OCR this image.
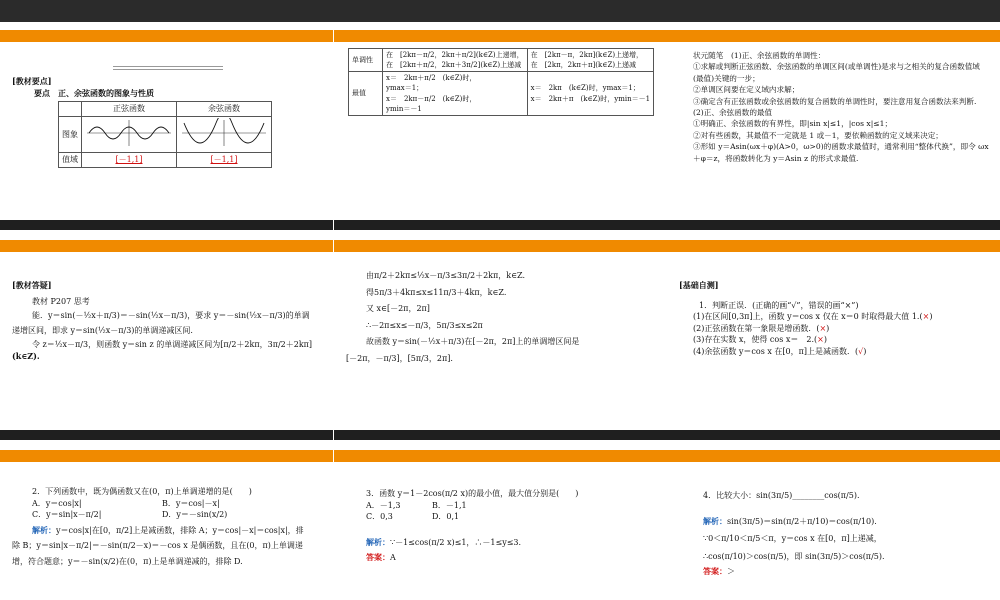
[教材要点]
要点　正、余弦函数的图象与性质
	正弦函数	余弦函数
图象		
值域	[－1,1]	[－1,1]
单调性	在　[2kπ－π/2，2kπ＋π/2](k∈Z)上递增，
在　[2kπ＋π/2，2kπ＋3π/2](k∈Z)上递减	在　[2kπ－π，2kπ](k∈Z)上递增，
在　[2kπ，2kπ＋π](k∈Z)上递减

最值	x＝　2kπ＋π/2　(k∈Z)时，
ymax＝1；
x＝　2kπ－π/2　(k∈Z)时，
ymin＝－1	x＝　2kπ　(k∈Z)时，ymax＝1；
x＝　2kπ＋π　(k∈Z)时，ymin＝－1
状元随笔　(1)正、余弦函数的单调性：
①求解或判断正弦函数、余弦函数的单调区间(或单调性)是求与之相关的复合函数值域(最值)关键的一步；
②单调区间要在定义域内求解；
③确定含有正弦函数或余弦函数的复合函数的单调性时，要注意用复合函数法来判断.
(2)正、余弦函数的最值
①明确正、余弦函数的有界性，即|sin x|≤1，|cos x|≤1；
②对有些函数，其最值不一定就是 1 或－1，要依赖函数的定义域来决定；
③形如 y＝Asin(ωx＋φ)(A>0，ω>0)的函数求最值时，通常利用“整体代换”，即令 ωx＋φ＝z，将函数转化为 y＝Asin z 的形式求最值.
[教材答疑]
教材 P207 思考
能．y＝sin(－½x＋π/3)＝－sin(½x－π/3)，要求 y＝－sin(½x－π/3)的单调
递增区间，即求 y＝sin(½x－π/3)的单调递减区间.
令 z＝½x－π/3，则函数 y＝sin z 的单调递减区间为[π/2＋2kπ，3π/2＋2kπ]
(k∈Z).
由π/2＋2kπ≤½x－π/3≤3π/2＋2kπ，k∈Z.
得5π/3＋4kπ≤x≤11π/3＋4kπ，k∈Z.
又 x∈[－2π，2π]
∴－2π≤x≤－π/3，5π/3≤x≤2π
故函数 y＝sin(－½x＋π/3)在[－2π，2π]上的单调增区间是
[－2π，－π/3]，[5π/3，2π].
[基础自测]
1．判断正误．(正确的画“√”，错误的画“×”)
(1)在区间[0,3π]上，函数 y＝cos x 仅在 x＝0 时取得最大值 1.(×)
(2)正弦函数在第一象限是增函数．(×)
(3)存在实数 x，使得 cos x＝　2.(×)
(4)余弦函数 y＝cos x 在[0，π]上是减函数．(√)
2．下列函数中，既为偶函数又在(0，π)上单调递增的是(　　)
A．y＝cos|x|	B．y＝cos|－x|
C．y＝sin|x－π/2|	D．y＝－sin(x/2)
解析：y＝cos|x|在[0，π/2]上是减函数，排除 A；y＝cos|－x|＝cos|x|，排
除 B；y＝sin|x－π/2|＝－sin(π/2－x)＝－cos x 是偶函数，且在(0，π)上单调递
增，符合题意；y＝－sin(x/2)在(0，π)上是单调递减的，排除 D.
3．函数 y＝1－2cos(π/2 x)的最小值，最大值分别是(　　)
A．－1,3	B．－1,1
C．0,3	D．0,1
解析：∵－1≤cos(π/2 x)≤1，∴－1≤y≤3.
答案：A
4．比较大小：sin(3π/5)________cos(π/5).
解析：sin(3π/5)＝sin(π/2＋π/10)＝cos(π/10).
∵0＜π/10＜π/5＜π，y＝cos x 在[0，π]上递减，
∴cos(π/10)＞cos(π/5)，即 sin(3π/5)＞cos(π/5).
答案：＞
